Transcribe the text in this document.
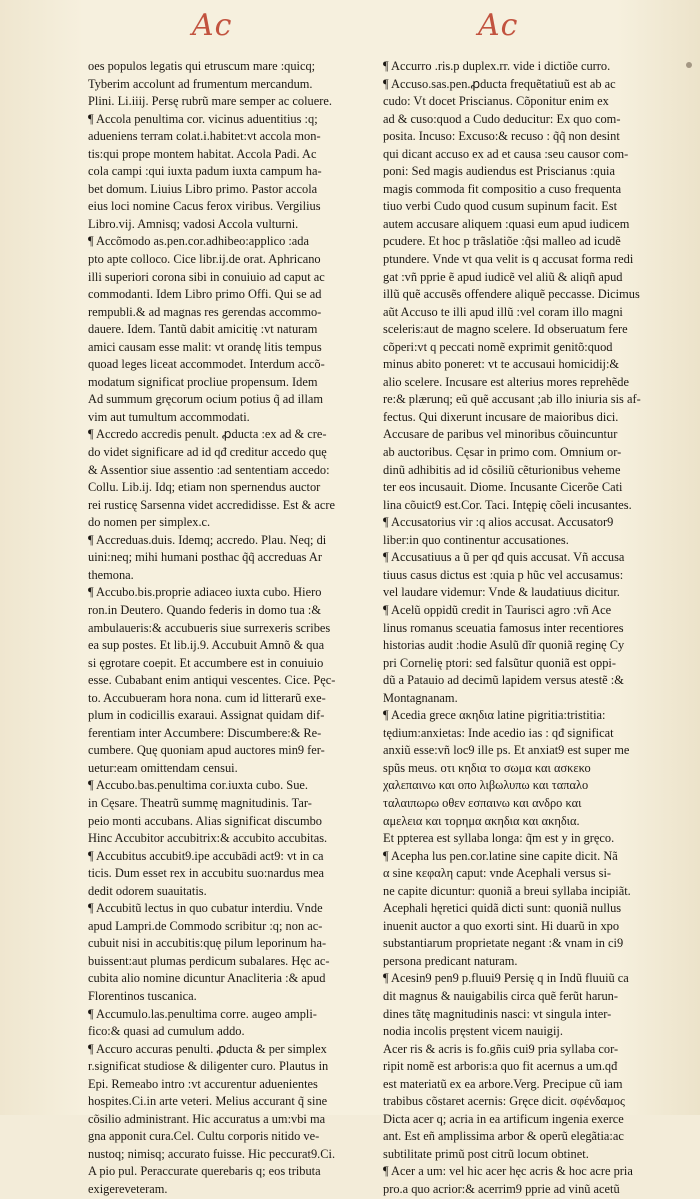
Ac	Ac
oes populos legatis qui etruscum mare :quicq;
Tyberim accolunt ad frumentum mercandum.
Plini. Li.iiij. Persę rubrũ mare semper ac coluere.
¶ Accola penultima cor. vicinus aduentitius :q;
adueniens terram colat.i.habitet:vt accola mon-
tis:qui prope montem habitat. Accola Padi. Ac
cola campi :qui iuxta padum iuxta campum ha-
bet domum. Liuius Libro primo. Pastor accola
eius loci nomine Cacus ferox viribus. Vergilius
Libro.vij. Amnisq; vadosi Accola vulturni.
¶ Accõmodo as.pen.cor.adhibeo:applico :ada
pto apte colloco. Cice libr.ij.de orat. Aphricano
illi superiori corona sibi in conuiuio ad caput ac
commodanti. Idem Libro primo Offi. Qui se ad
rempubli.& ad magnas res gerendas accommo-
dauere. Idem. Tantũ dabit amicitię :vt naturam
amici causam esse malit: vt orandę litis tempus
quoad leges liceat accommodet. Interdum accõ-
modatum significat procliue propensum. Idem
Ad summum gręcorum ocium potius q̃ ad illam
vim aut tumultum accommodati.
¶ Accredo accredis penult. ꝓducta :ex ad & cre-
do videt significare ad id qđ creditur accedo quę
& Assentior siue assentio :ad sententiam accedo:
Collu. Lib.ij. Idq; etiam non spernendus auctor
rei rusticę Sarsenna videt accredidisse. Est & acre
do nomen per simplex.c.
¶ Accreduas.duis. Idemq; accredo. Plau. Neq; di
uini:neq; mihi humani posthac q̃q̃ accreduas Ar
themona.
¶ Accubo.bis.proprie adiaceo iuxta cubo. Hiero
ron.in Deutero. Quando federis in domo tua :&
ambulaueris:& accubueris siue surrexeris scribes
ea sup postes. Et lib.ij.9. Accubuit Amnõ & qua
si ęgrotare coepit. Et accumbere est in conuiuio
esse. Cubabant enim antiqui vescentes. Cice. Pęc-
to. Accubueram hora nona. cum id litterarũ exe-
plum in codicillis exaraui. Assignat quidam dif-
ferentiam inter Accumbere: Discumbere:& Re-
cumbere. Quę quoniam apud auctores min9 fer-
uetur:eam omittendam censui.
¶ Accubo.bas.penultima cor.iuxta cubo. Sue.
in Cęsare. Theatrũ summę magnitudinis. Tar-
peio monti accubans. Alias significat discumbo
Hinc Accubitor accubitrix:& accubito accubitas.
¶ Accubitus accubit9.ipe accubādi act9: vt in ca
ticis. Dum esset rex in accubitu suo:nardus mea
dedit odorem suauitatis.
¶ Accubitũ lectus in quo cubatur interdiu. Vnde
apud Lampri.de Commodo scribitur :q; non ac-
cubuit nisi in accubitis:quę pilum leporinum ha-
buissent:aut plumas perdicum subalares. Hęc ac-
cubita alio nomine dicuntur Anacliteria :& apud
Florentinos tuscanica.
¶ Accumulo.las.penultima corre. augeo ampli-
fico:& quasi ad cumulum addo.
¶ Accuro accuras penulti. ꝓducta & per simplex
r.significat studiose & diligenter curo. Plautus in
Epi. Remeabo intro :vt accurentur aduenientes
hospites.Ci.in arte veteri. Melius accurant q̃ sine
cõsilio administrant. Hic accuratus a um:vbi ma
gna apponit cura.Cel. Cultu corporis nitido ve-
nustoq; nimisq; accurato fuisse. Hic peccurat9.Ci.
A pio pul. Peraccurate querebaris q; eos tributa
exigereveteram.
¶ Accurro .ris.p duplex.rr. vide i dictiõe curro.
¶ Accuso.sas.pen.ꝓducta frequẽtatiuũ est ab ac
cudo: Vt docet Priscianus. Cõponitur enim ex
ad & cuso:quod a Cudo deducitur: Ex quo com-
posita. Incuso: Excuso:& recuso : q̃q̃ non desint
qui dicant accuso ex ad et causa :seu causor com-
poni: Sed magis audiendus est Priscianus :quia
magis commoda fit compositio a cuso frequenta
tiuo verbi Cudo quod cusum supinum facit. Est
autem accusare aliquem :quasi eum apud iudicem
pcudere. Et hoc p trãslatiõe :q̃si malleo ad icudẽ
ptundere. Vnde vt qua velit is q accusat forma redi
gat :vñ pprie ẽ apud iudicẽ vel aliũ & aliqñ apud
illũ quẽ accusẽs offendere aliquẽ peccasse. Dicimus
aũt Accuso te illi apud illũ :vel coram illo magni
sceleris:aut de magno scelere. Id obseruatum fere
cõperi:vt q peccati nomẽ exprimit genitõ:quod
minus abito poneret: vt te accusaui homicidij:&
alio scelere. Incusare est alterius mores reprehẽde
re:& plærunq; eũ quẽ accusant ;ab illo iniuria sis af-
fectus. Qui dixerunt incusare de maioribus dici.
Accusare de paribus vel minoribus cõuincuntur
ab auctoribus. Cęsar in primo com. Omnium or-
dinũ adhibitis ad id cõsiliũ cẽturionibus veheme
ter eos incusauit. Diome. Incusante Cicerõe Cati
lina cõuict9 est.Cor. Taci. Intępię cõeli incusantes.
¶ Accusatorius vir :q alios accusat. Accusator9
liber:in quo continentur accusationes.
¶ Accusatiuus a ũ per qđ quis accusat. Vñ accusa
tiuus casus dictus est :quia p hũc vel accusamus:
vel laudare videmur: Vnde & laudatiuus dicitur.
¶ Acelũ oppidũ credit in Taurisci agro :vñ Ace
linus romanus sceuatia famosus inter recentiores
historias audit :hodie Asulũ dĩr quoniã reginę Cy
pri Cornelię ptori: sed falsũtur quoniã est oppi-
dũ a Patauio ad decimũ lapidem versus atestẽ :&
Montagnanam.
¶ Acedia grece ακηδια latine pigritia:tristitia:
tędium:anxietas: Inde acedio ias : qđ significat
anxiũ esse:vñ loc9 ille ps. Et anxiat9 est super me
spũs meus. οτι κηδια το σωμα και ασκεκο
χαλεπαινω και οπο λιβωλυπω και ταπαλο
ταλαιπωρω οθεν εσπαινω και ανδρο και
αμελεια και τορημα ακηδια και ακηδια.
Et ppterea est syllaba longa: q̃m est y in gręco.
¶ Acepha lus pen.cor.latine sine capite dicit. Nã
α sine κεφαλη caput: vnde Acephali versus si-
ne capite dicuntur: quoniã a breui syllaba incipiãt.
Acephali hęretici quidã dicti sunt: quoniã nullus
inuenit auctor a quo exorti sint. Hi duarũ in xpo
substantiarum proprietate negant :& vnam in ci9
persona predicant naturam.
¶ Acesin9 pen9 p.fluui9 Persię q in Indũ fluuiũ ca
dit magnus & nauigabilis circa quẽ ferũt harun-
dines tãtę magnitudinis nasci: vt singula inter-
nodia incolis pręstent vicem nauigij.
Acer ris & acris is fo.gñis cui9 pria syllaba cor-
ripit nomẽ est arboris:a quo fit acernus a um.qđ
est materiatũ ex ea arbore.Verg. Precipue cũ iam
trabibus cõstaret acernis: Gręce dicit. σφένδαμος
Dicta acer q; acria in ea artificum ingenia exerce
ant. Est eñ amplissima arbor & operũ elegãtia:ac
subtilitate primũ post citrũ locum obtinet.
¶ Acer a um: vel hic acer hęc acris & hoc acre pria
pro.a quo acrior:& acerrim9 pprie ad vinũ acetũ
